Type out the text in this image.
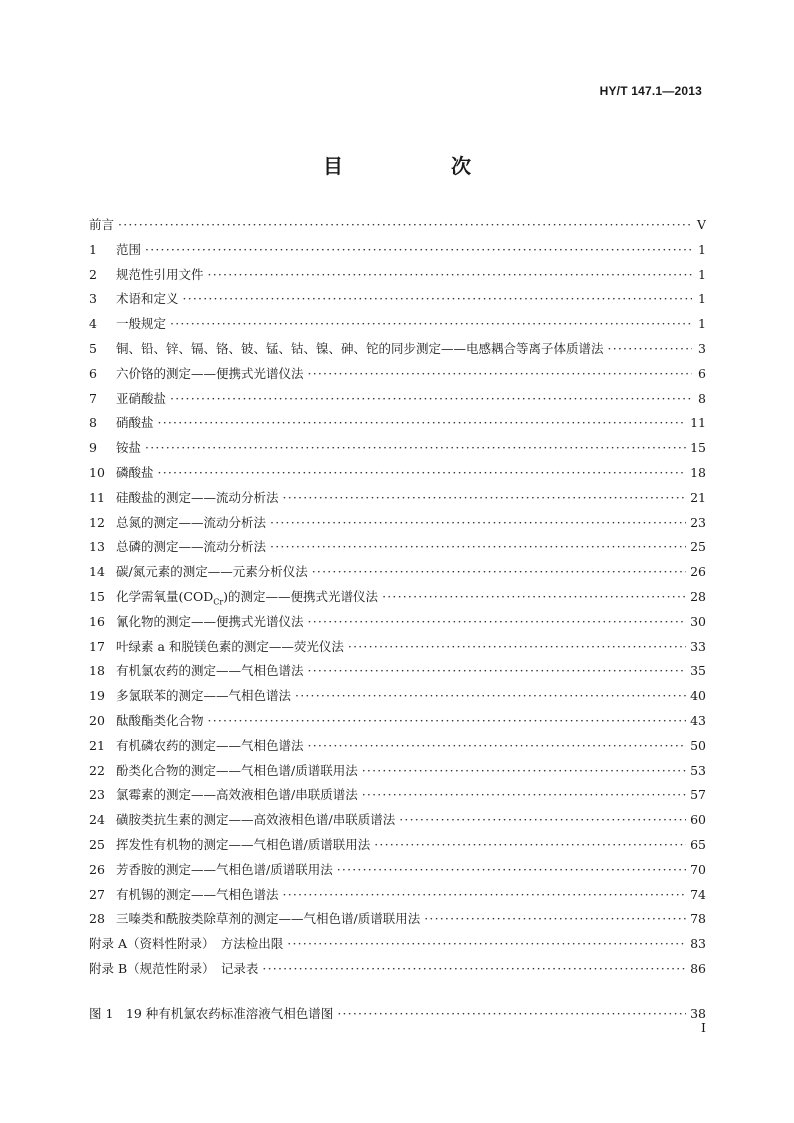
HY/T 147.1—2013
目　次
前言 ·····	V
1	范围 ·····	1
2	规范性引用文件 ·····	1
3	术语和定义 ·····	1
4	一般规定 ·····	1
5	铜、铅、锌、镉、铬、铍、锰、钴、镍、砷、铊的同步测定——电感耦合等离子体质谱法 ·····	3
6	六价铬的测定——便携式光谱仪法 ·····	6
7	亚硝酸盐 ·····	8
8	硝酸盐 ·····	11
9	铵盐 ·····	15
10 磷酸盐 ·····	18
11 硅酸盐的测定——流动分析法 ·····	21
12 总氮的测定——流动分析法 ·····	23
13 总磷的测定——流动分析法 ·····	25
14 碳/氮元素的测定——元素分析仪法 ·····	26
15 化学需氧量$(COD_{Cr})$的测定——便携式光谱仪法 ·····	28
16 氰化物的测定——便携式光谱仪法 ·····	30
17 叶绿素 a 和脱镁色素的测定——荧光仪法 ·····	33
18 有机氯农药的测定——气相色谱法 ·····	35
19 多氯联苯的测定——气相色谱法 ·····	40
20 酞酸酯类化合物 ·····	43
21 有机磷农药的测定——气相色谱法 ·····	50
22 酚类化合物的测定——气相色谱/质谱联用法 ·····	53
23 氯霉素的测定——高效液相色谱/串联质谱法 ·····	57
24 磺胺类抗生素的测定——高效液相色谱/串联质谱法 ·····	60
25 挥发性有机物的测定——气相色谱/质谱联用法 ·····	65
26 芳香胺的测定——气相色谱/质谱联用法 ·····	70
27 有机锡的测定——气相色谱法 ·····	74
28 三嗪类和酰胺类除草剂的测定——气相色谱/质谱联用法 ·····	78
附录 A（资料性附录）　方法检出限 ·····	83
附录 B（规范性附录）　记录表 ·····	86
图 1　19 种有机氯农药标准溶液气相色谱图 ·····	38
I
